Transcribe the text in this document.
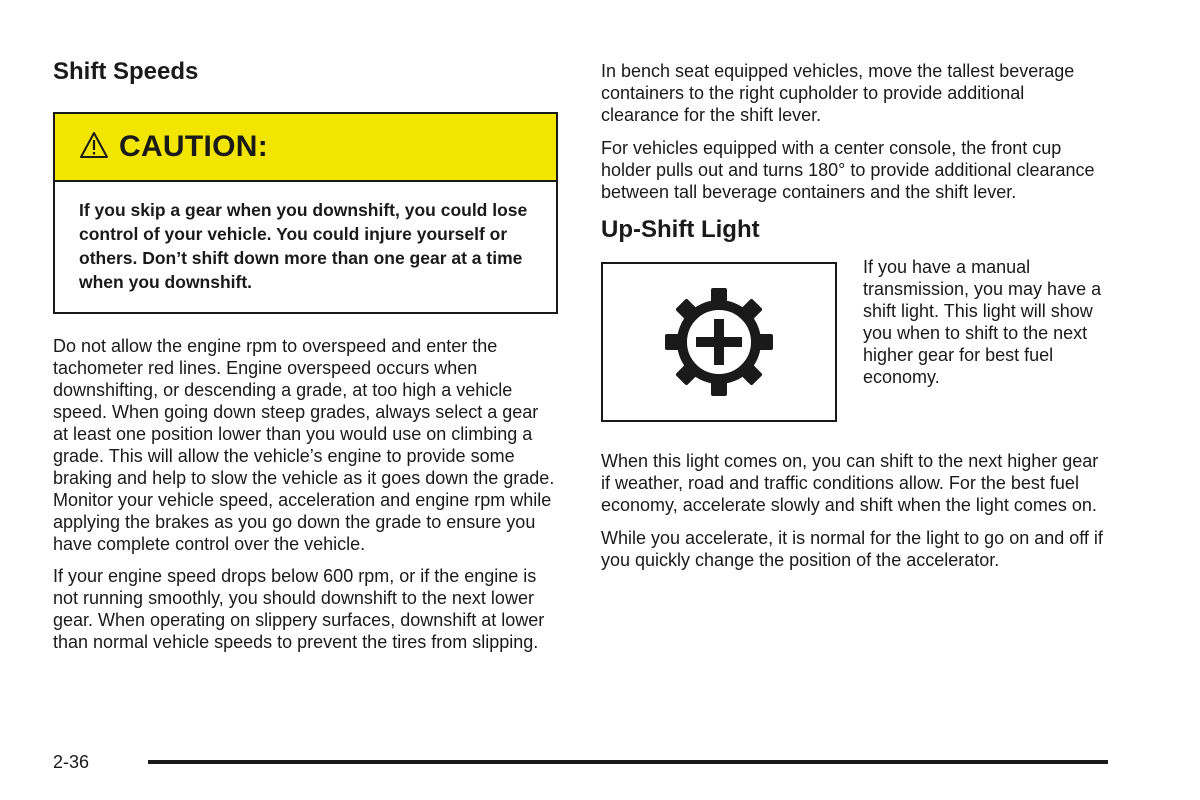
Shift Speeds
CAUTION:
If you skip a gear when you downshift, you could lose control of your vehicle. You could injure yourself or others. Don’t shift down more than one gear at a time when you downshift.

Do not allow the engine rpm to overspeed and enter the tachometer red lines. Engine overspeed occurs when downshifting, or descending a grade, at too high a vehicle speed. When going down steep grades, always select a gear at least one position lower than you would use on climbing a grade. This will allow the vehicle’s engine to provide some braking and help to slow the vehicle as it goes down the grade. Monitor your vehicle speed, acceleration and engine rpm while applying the brakes as you go down the grade to ensure you have complete control over the vehicle.

If your engine speed drops below 600 rpm, or if the engine is not running smoothly, you should downshift to the next lower gear. When operating on slippery surfaces, downshift at lower than normal vehicle speeds to prevent the tires from slipping.

In bench seat equipped vehicles, move the tallest beverage containers to the right cupholder to provide additional clearance for the shift lever.

For vehicles equipped with a center console, the front cup holder pulls out and turns 180° to provide additional clearance between tall beverage containers and the shift lever.

Up-Shift Light

If you have a manual transmission, you may have a shift light. This light will show you when to shift to the next higher gear for best fuel economy.

When this light comes on, you can shift to the next higher gear if weather, road and traffic conditions allow. For the best fuel economy, accelerate slowly and shift when the light comes on.

While you accelerate, it is normal for the light to go on and off if you quickly change the position of the accelerator.

2-36
